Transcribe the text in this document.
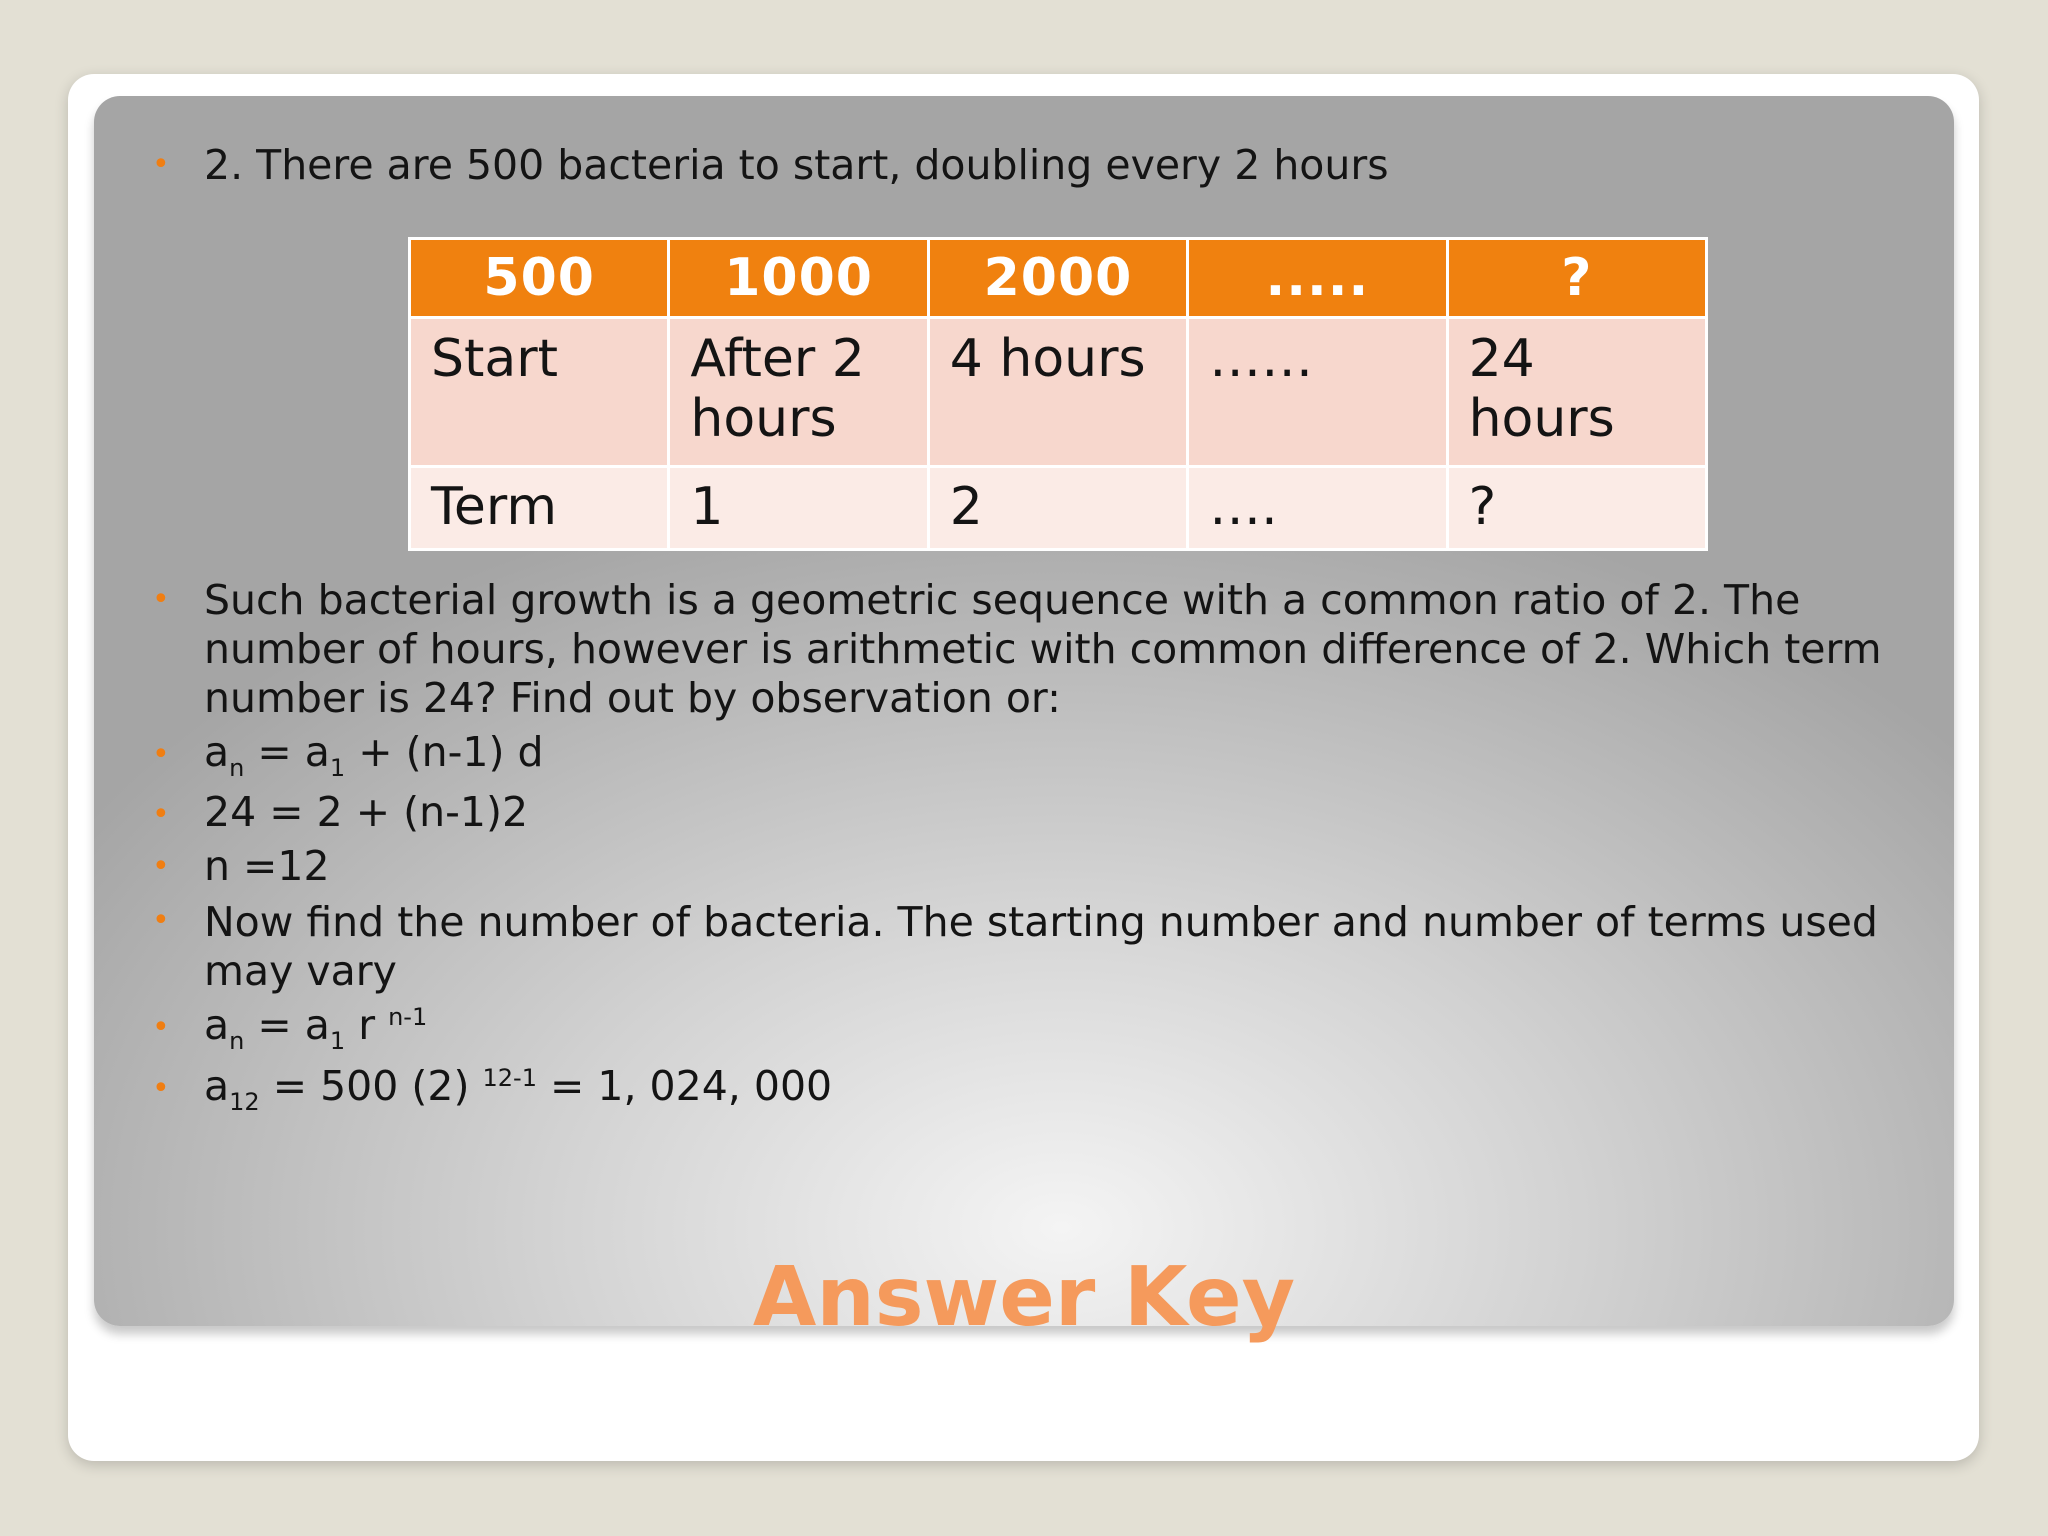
• 2. There are 500 bacteria to start, doubling every 2 hours
500	1000	2000	.....	?
Start	After 2 hours	4 hours	……	24 hours
Term	1	2	….	?
• Such bacterial growth is a geometric sequence with a common ratio of 2. The
number of hours, however is arithmetic with common difference of 2. Which term
number is 24? Find out by observation or:
• $a_n = a_1 + (n-1)$ d
• 24 = 2 + (n-1)2
• n =12
• Now find the number of bacteria. The starting number and number of terms used
may vary
• $a_n = a_1$ r $^{n-1}$
• $a_{12} = 500$ (2) $^{12-1}$ = 1, 024, 000
Answer Key
